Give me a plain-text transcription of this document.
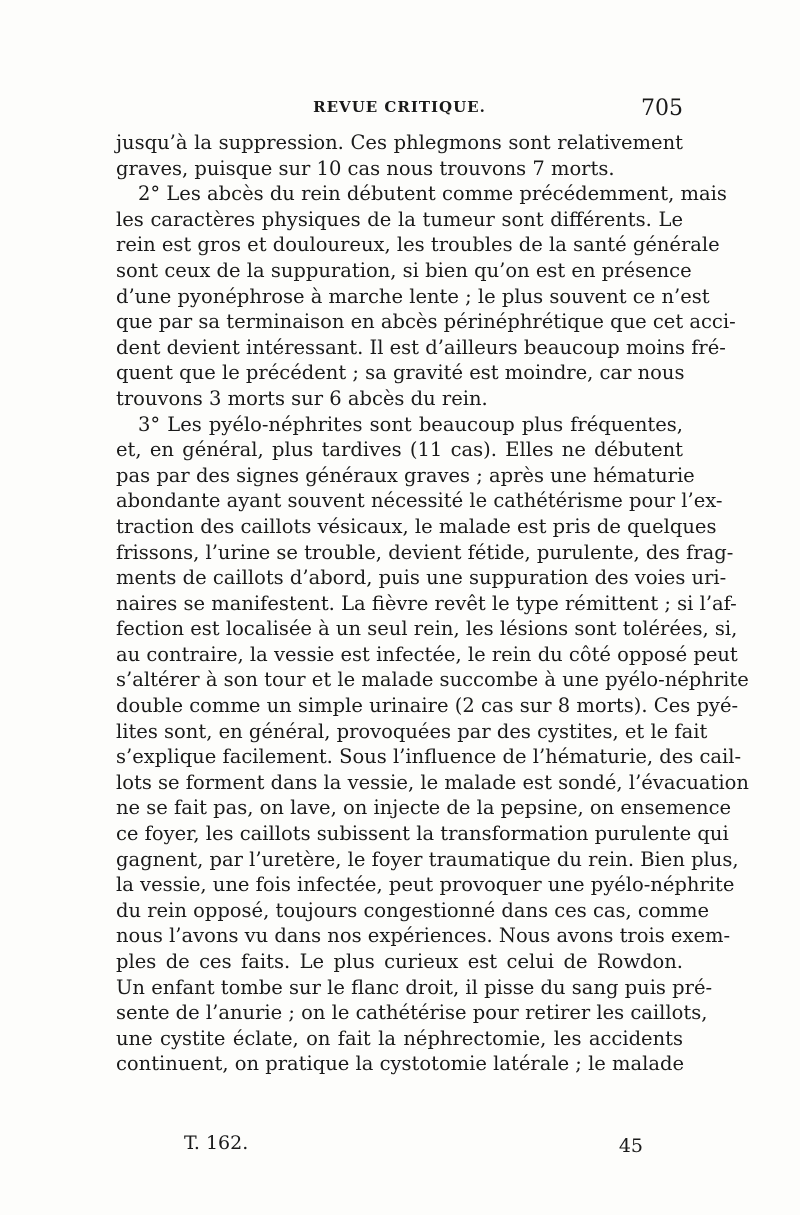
REVUE CRITIQUE.	705
jusqu’à la suppression. Ces phlegmons sont relativement
graves, puisque sur 10 cas nous trouvons 7 morts.
2° Les abcès du rein débutent comme précédemment, mais
les caractères physiques de la tumeur sont différents. Le
rein est gros et douloureux, les troubles de la santé générale
sont ceux de la suppuration, si bien qu’on est en présence
d’une pyonéphrose à marche lente ; le plus souvent ce n’est
que par sa terminaison en abcès périnéphrétique que cet acci-
dent devient intéressant. Il est d’ailleurs beaucoup moins fré-
quent que le précédent ; sa gravité est moindre, car nous
trouvons 3 morts sur 6 abcès du rein.
3° Les pyélo-néphrites sont beaucoup plus fréquentes,
et, en général, plus tardives (11 cas). Elles ne débutent
pas par des signes généraux graves ; après une hématurie
abondante ayant souvent nécessité le cathétérisme pour l’ex-
traction des caillots vésicaux, le malade est pris de quelques
frissons, l’urine se trouble, devient fétide, purulente, des frag-
ments de caillots d’abord, puis une suppuration des voies uri-
naires se manifestent. La fièvre revêt le type rémittent ; si l’af-
fection est localisée à un seul rein, les lésions sont tolérées, si,
au contraire, la vessie est infectée, le rein du côté opposé peut
s’altérer à son tour et le malade succombe à une pyélo-néphrite
double comme un simple urinaire (2 cas sur 8 morts). Ces pyé-
lites sont, en général, provoquées par des cystites, et le fait
s’explique facilement. Sous l’influence de l’hématurie, des cail-
lots se forment dans la vessie, le malade est sondé, l’évacuation
ne se fait pas, on lave, on injecte de la pepsine, on ensemence
ce foyer, les caillots subissent la transformation purulente qui
gagnent, par l’uretère, le foyer traumatique du rein. Bien plus,
la vessie, une fois infectée, peut provoquer une pyélo-néphrite
du rein opposé, toujours congestionné dans ces cas, comme
nous l’avons vu dans nos expériences. Nous avons trois exem-
ples de ces faits. Le plus curieux est celui de Rowdon.
Un enfant tombe sur le flanc droit, il pisse du sang puis pré-
sente de l’anurie ; on le cathétérise pour retirer les caillots,
une cystite éclate, on fait la néphrectomie, les accidents
continuent, on pratique la cystotomie latérale ; le malade
T. 162.	45
